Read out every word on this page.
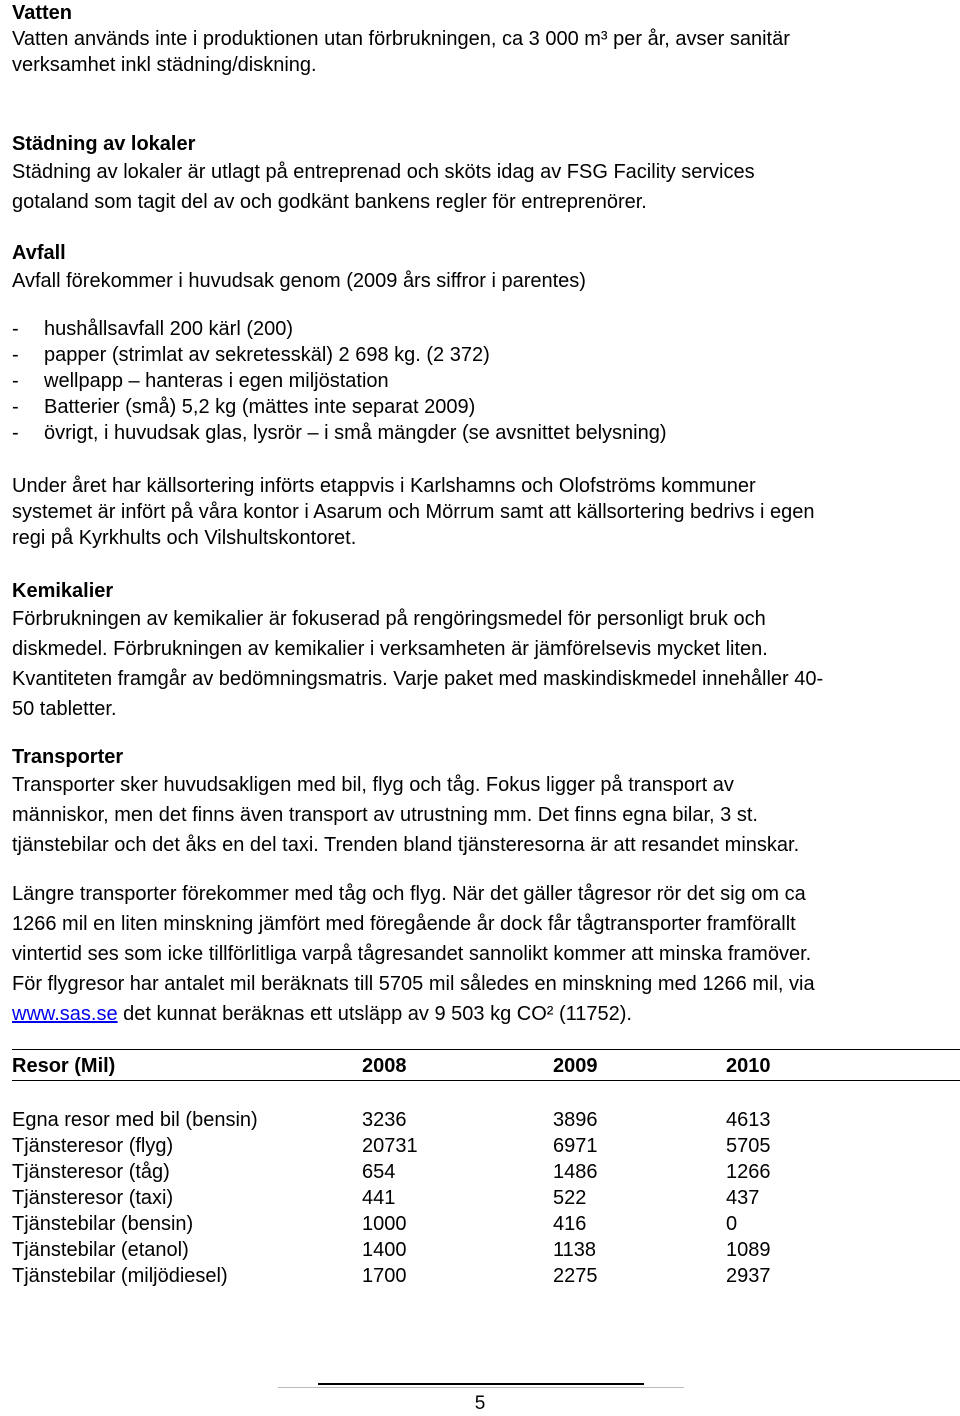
Vatten
Vatten används inte i produktionen utan förbrukningen, ca 3 000 m³ per år, avser sanitär
verksamhet inkl städning/diskning.
Städning av lokaler
Städning av lokaler är utlagt på entreprenad och sköts idag av FSG Facility services
gotaland som tagit del av och godkänt bankens regler för entreprenörer.
Avfall
Avfall förekommer i huvudsak genom (2009 års siffror i parentes)
- hushållsavfall 200 kärl (200)
- papper (strimlat av sekretesskäl) 2 698 kg. (2 372)
- wellpapp – hanteras i egen miljöstation
- Batterier (små) 5,2 kg (mättes inte separat 2009)
- övrigt, i huvudsak glas, lysrör – i små mängder (se avsnittet belysning)
Under året har källsortering införts etappvis i Karlshamns och Olofströms kommuner
systemet är infört på våra kontor i Asarum och Mörrum samt att källsortering bedrivs i egen
regi på Kyrkhults och Vilshultskontoret.
Kemikalier
Förbrukningen av kemikalier är fokuserad på rengöringsmedel för personligt bruk och
diskmedel. Förbrukningen av kemikalier i verksamheten är jämförelsevis mycket liten.
Kvantiteten framgår av bedömningsmatris. Varje paket med maskindiskmedel innehåller 40-
50 tabletter.
Transporter
Transporter sker huvudsakligen med bil, flyg och tåg. Fokus ligger på transport av
människor, men det finns även transport av utrustning mm. Det finns egna bilar, 3 st.
tjänstebilar och det åks en del taxi. Trenden bland tjänsteresorna är att resandet minskar.
Längre transporter förekommer med tåg och flyg. När det gäller tågresor rör det sig om ca
1266 mil en liten minskning jämfört med föregående år dock får tågtransporter framförallt
vintertid ses som icke tillförlitliga varpå tågresandet sannolikt kommer att minska framöver.
För flygresor har antalet mil beräknats till 5705 mil således en minskning med 1266 mil, via
www.sas.se det kunnat beräknas ett utsläpp av 9 503 kg CO² (11752).
Resor (Mil)	2008	2009	2010
Egna resor med bil (bensin)	3236	3896	4613
Tjänsteresor (flyg)	20731	6971	5705
Tjänsteresor (tåg)	654	1486	1266
Tjänsteresor (taxi)	441	522	437
Tjänstebilar (bensin)	1000	416	0
Tjänstebilar (etanol)	1400	1138	1089
Tjänstebilar (miljödiesel)	1700	2275	2937
5
